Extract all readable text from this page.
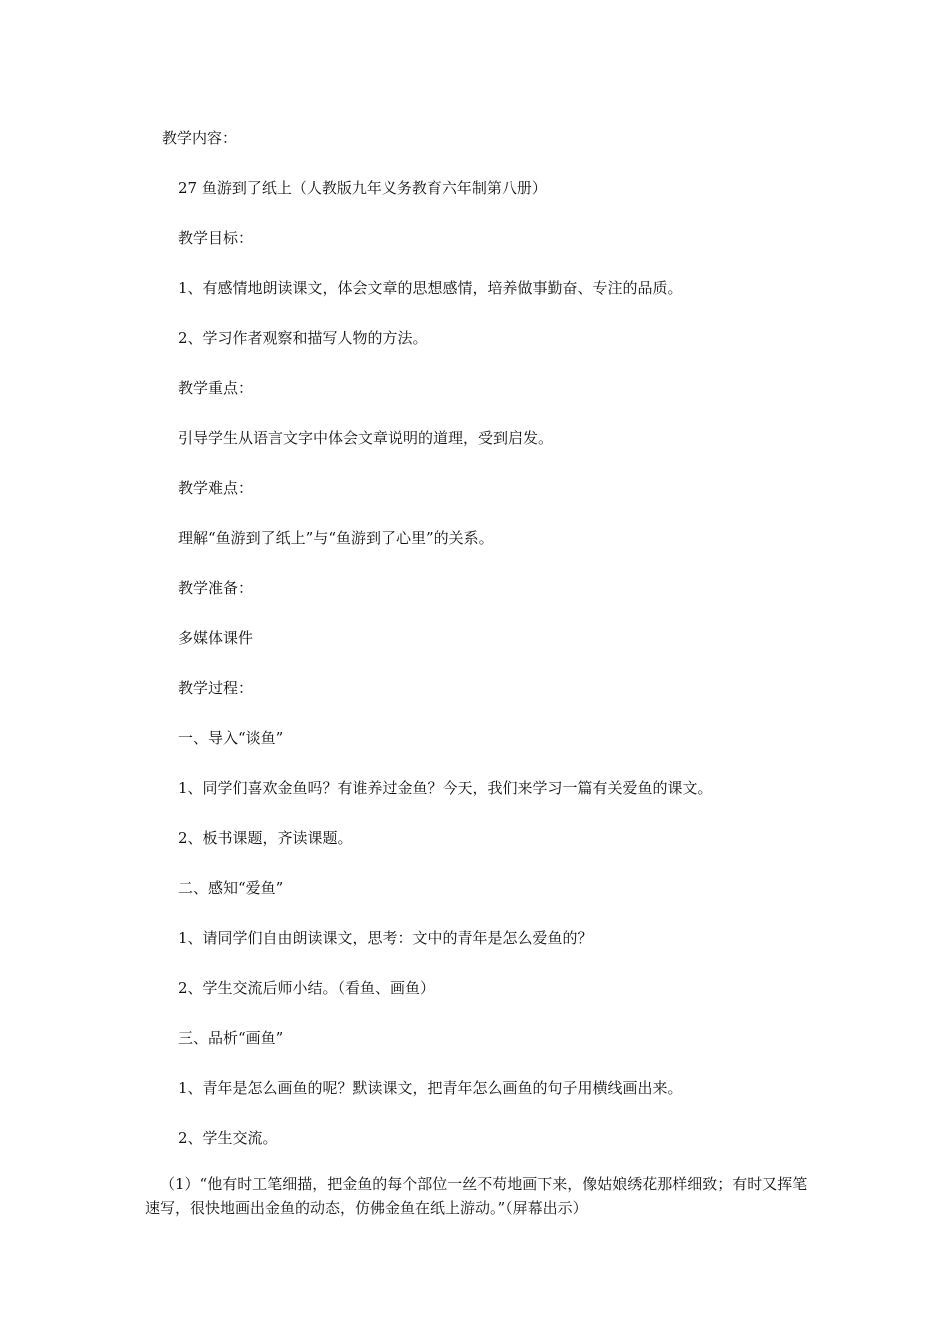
教学内容：
27 鱼游到了纸上（人教版九年义务教育六年制第八册）
教学目标：
1、有感情地朗读课文，体会文章的思想感情，培养做事勤奋、专注的品质。
2、学习作者观察和描写人物的方法。
教学重点：
引导学生从语言文字中体会文章说明的道理，受到启发。
教学难点：
理解“鱼游到了纸上”与“鱼游到了心里”的关系。
教学准备：
多媒体课件
教学过程：
一、导入“谈鱼”
1、同学们喜欢金鱼吗？有谁养过金鱼？今天，我们来学习一篇有关爱鱼的课文。
2、板书课题，齐读课题。
二、感知“爱鱼”
1、请同学们自由朗读课文，思考：文中的青年是怎么爱鱼的？
2、学生交流后师小结。（看鱼、画鱼）
三、品析“画鱼”
1、青年是怎么画鱼的呢？默读课文，把青年怎么画鱼的句子用横线画出来。
2、学生交流。
（1）“他有时工笔细描，把金鱼的每个部位一丝不苟地画下来，像姑娘绣花那样细致；有时又挥笔速写，很快地画出金鱼的动态，仿佛金鱼在纸上游动。”（屏幕出示）
